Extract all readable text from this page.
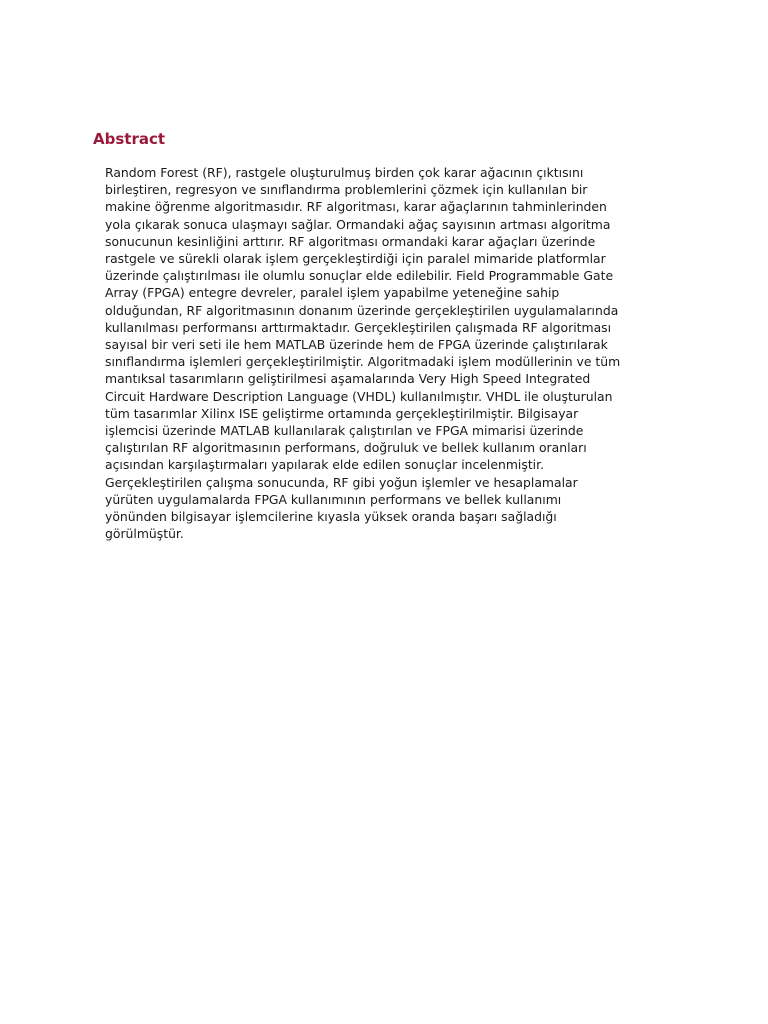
Abstract
Random Forest (RF), rastgele oluşturulmuş birden çok karar ağacının çıktısını
birleştiren, regresyon ve sınıflandırma problemlerini çözmek için kullanılan bir
makine öğrenme algoritmasıdır. RF algoritması, karar ağaçlarının tahminlerinden
yola çıkarak sonuca ulaşmayı sağlar. Ormandaki ağaç sayısının artması algoritma
sonucunun kesinliğini arttırır. RF algoritması ormandaki karar ağaçları üzerinde
rastgele ve sürekli olarak işlem gerçekleştirdiği için paralel mimaride platformlar
üzerinde çalıştırılması ile olumlu sonuçlar elde edilebilir. Field Programmable Gate
Array (FPGA) entegre devreler, paralel işlem yapabilme yeteneğine sahip
olduğundan, RF algoritmasının donanım üzerinde gerçekleştirilen uygulamalarında
kullanılması performansı arttırmaktadır. Gerçekleştirilen çalışmada RF algoritması
sayısal bir veri seti ile hem MATLAB üzerinde hem de FPGA üzerinde çalıştırılarak
sınıflandırma işlemleri gerçekleştirilmiştir. Algoritmadaki işlem modüllerinin ve tüm
mantıksal tasarımların geliştirilmesi aşamalarında Very High Speed Integrated
Circuit Hardware Description Language (VHDL) kullanılmıştır. VHDL ile oluşturulan
tüm tasarımlar Xilinx ISE geliştirme ortamında gerçekleştirilmiştir. Bilgisayar
işlemcisi üzerinde MATLAB kullanılarak çalıştırılan ve FPGA mimarisi üzerinde
çalıştırılan RF algoritmasının performans, doğruluk ve bellek kullanım oranları
açısından karşılaştırmaları yapılarak elde edilen sonuçlar incelenmiştir.
Gerçekleştirilen çalışma sonucunda, RF gibi yoğun işlemler ve hesaplamalar
yürüten uygulamalarda FPGA kullanımının performans ve bellek kullanımı
yönünden bilgisayar işlemcilerine kıyasla yüksek oranda başarı sağladığı
görülmüştür.
